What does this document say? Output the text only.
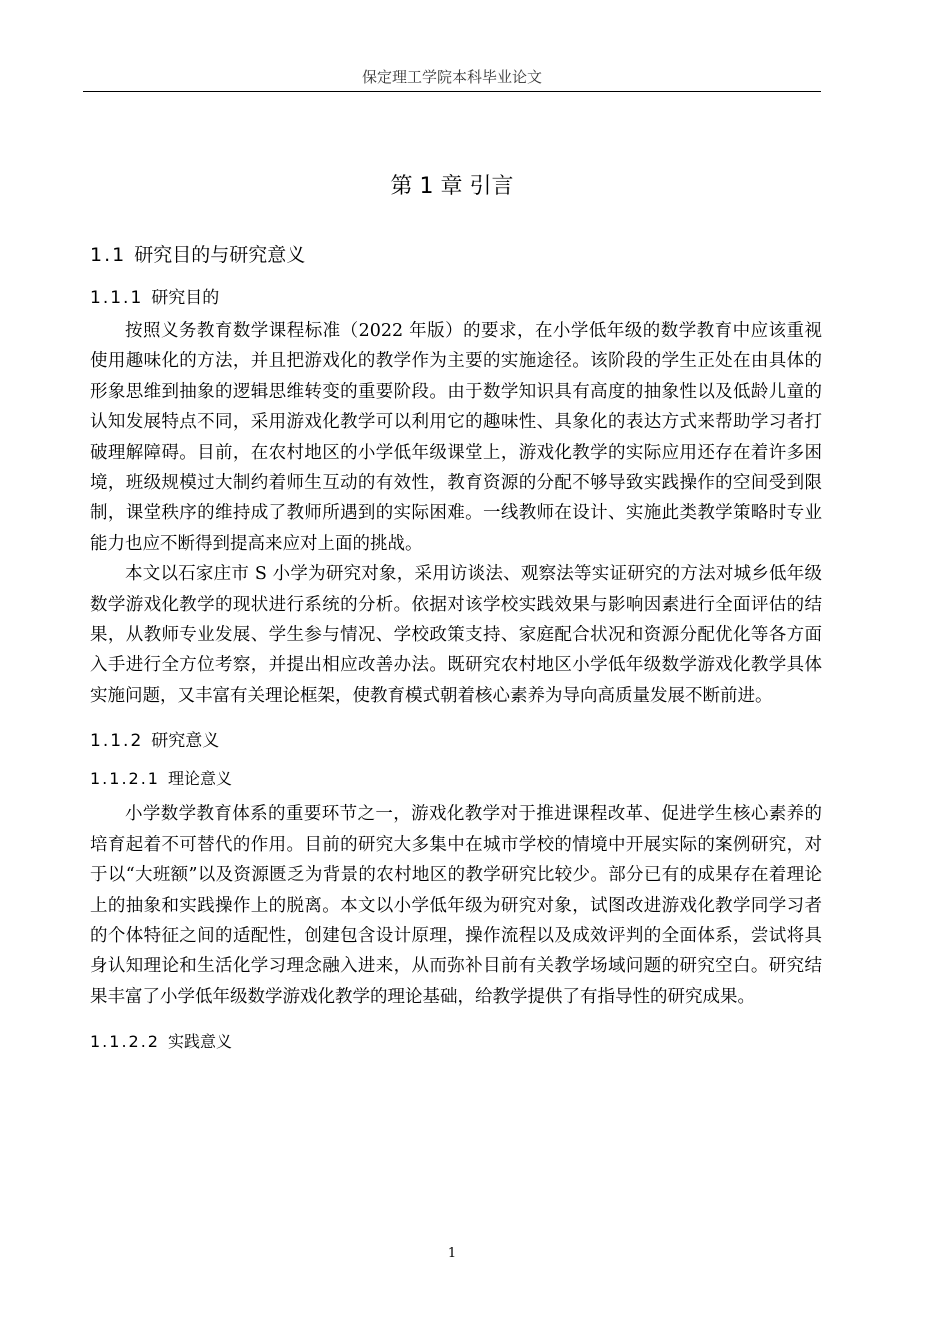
保定理工学院本科毕业论文
第 1 章 引言
1.1 研究目的与研究意义
1.1.1 研究目的

按照义务教育数学课程标准（2022 年版）的要求，在小学低年级的数学教育中应该重视使用趣味化的方法，并且把游戏化的教学作为主要的实施途径。该阶段的学生正处在由具体的形象思维到抽象的逻辑思维转变的重要阶段。由于数学知识具有高度的抽象性以及低龄儿童的认知发展特点不同，采用游戏化教学可以利用它的趣味性、具象化的表达方式来帮助学习者打破理解障碍。目前，在农村地区的小学低年级课堂上，游戏化教学的实际应用还存在着许多困境，班级规模过大制约着师生互动的有效性，教育资源的分配不够导致实践操作的空间受到限制，课堂秩序的维持成了教师所遇到的实际困难。一线教师在设计、实施此类教学策略时专业能力也应不断得到提高来应对上面的挑战。

本文以石家庄市 S 小学为研究对象，采用访谈法、观察法等实证研究的方法对城乡低年级数学游戏化教学的现状进行系统的分析。依据对该学校实践效果与影响因素进行全面评估的结果，从教师专业发展、学生参与情况、学校政策支持、家庭配合状况和资源分配优化等各方面入手进行全方位考察，并提出相应改善办法。既研究农村地区小学低年级数学游戏化教学具体实施问题，又丰富有关理论框架，使教育模式朝着核心素养为导向高质量发展不断前进。

1.1.2 研究意义
1.1.2.1 理论意义

小学数学教育体系的重要环节之一，游戏化教学对于推进课程改革、促进学生核心素养的培育起着不可替代的作用。目前的研究大多集中在城市学校的情境中开展实际的案例研究，对于以“大班额”以及资源匮乏为背景的农村地区的教学研究比较少。部分已有的成果存在着理论上的抽象和实践操作上的脱离。本文以小学低年级为研究对象，试图改进游戏化教学同学习者的个体特征之间的适配性，创建包含设计原理，操作流程以及成效评判的全面体系，尝试将具身认知理论和生活化学习理念融入进来，从而弥补目前有关教学场域问题的研究空白。研究结果丰富了小学低年级数学游戏化教学的理论基础，给教学提供了有指导性的研究成果。

1.1.2.2 实践意义
1
